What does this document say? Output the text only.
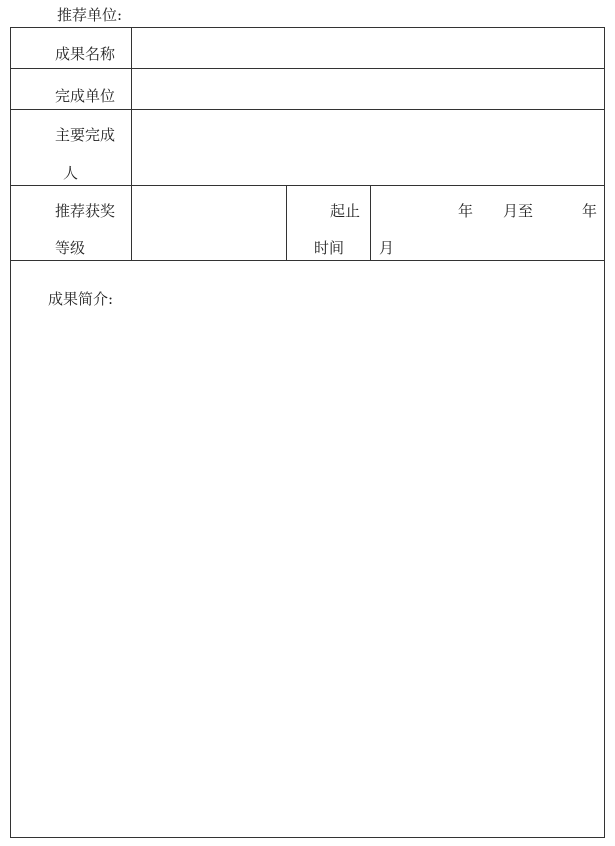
推荐单位:
成果名称
完成单位
主要完成
人
推荐获奖
等级
起止
时间
年 月至	年
月
成果简介:
